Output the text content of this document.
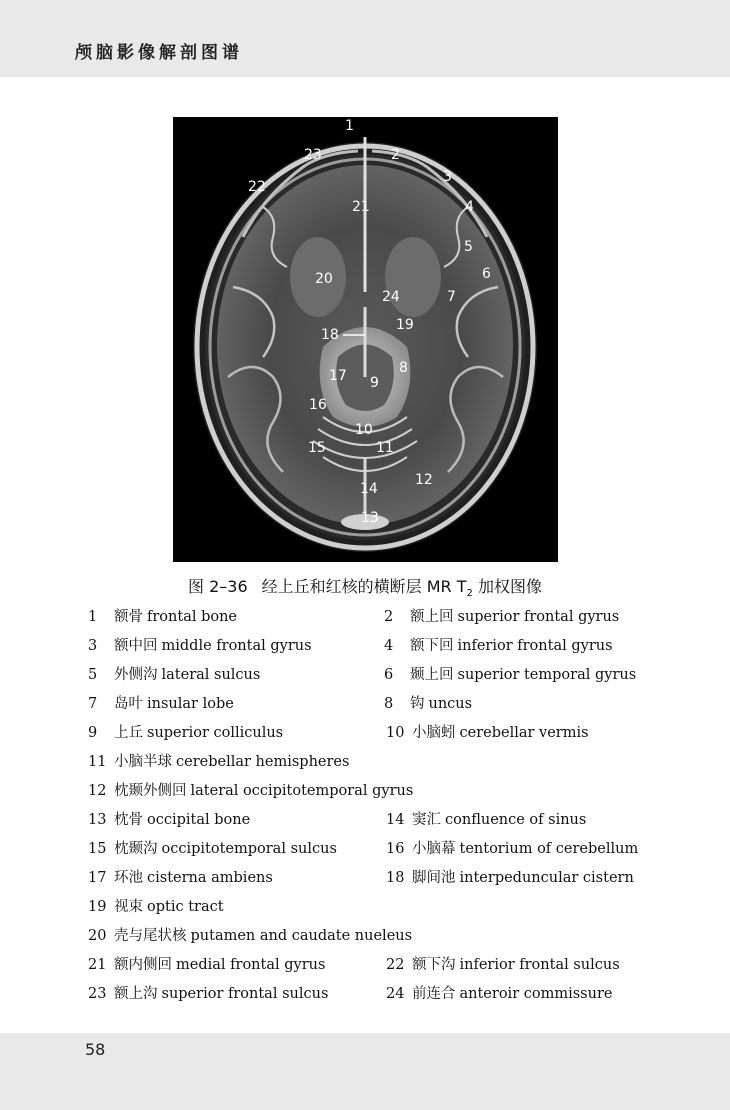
颅脑影像解剖图谱
1
2
3
4
5
6
7
8
9
10
11
12
13
14
15
16
17
18
19
20
21
22
23
24
图 2–36 经上丘和红核的横断层 MR $T_2$ 加权图像
1 额骨 frontal bone	2 额上回 superior frontal gyrus
3 额中回 middle frontal gyrus	4 额下回 inferior frontal gyrus
5 外侧沟 lateral sulcus	6 颞上回 superior temporal gyrus
7 岛叶 insular lobe	8 钩 uncus
9 上丘 superior colliculus	10 小脑蚓 cerebellar vermis
11 小脑半球 cerebellar hemispheres
12 枕颞外侧回 lateral occipitotemporal gyrus
13 枕骨 occipital bone	14 窦汇 confluence of sinus
15 枕颞沟 occipitotemporal sulcus	16 小脑幕 tentorium of cerebellum
17 环池 cisterna ambiens	18 脚间池 interpeduncular cistern
19 视束 optic tract
20 壳与尾状核 putamen and caudate nueleus
21 额内侧回 medial frontal gyrus	22 额下沟 inferior frontal sulcus
23 额上沟 superior frontal sulcus	24 前连合 anteroir commissure
58
